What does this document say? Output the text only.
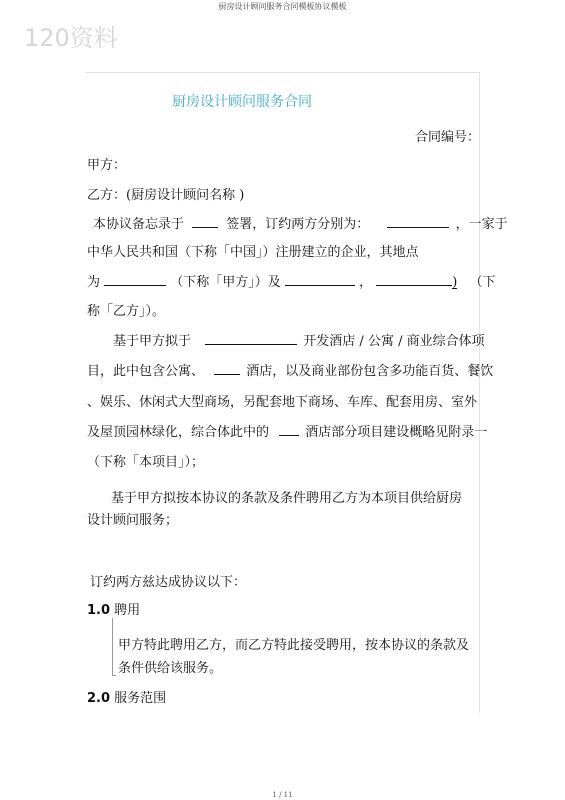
厨房设计顾问服务合同模板协议模板
120资料
厨房设计顾问服务合同
合同编号：
甲方：
乙方：(厨房设计顾问名称 )
本协议备忘录于	签署，订约两方分别为：	，一家于
中华人民共和国（下称「中国」）注册建立的企业，其地点
为	（下称「甲方」）及	，	) （下
称「乙方」）。
基于甲方拟于	开发酒店 / 公寓 / 商业综合体项
目，此中包含公寓、	酒店，以及商业部份包含多功能百货、餐饮
、娱乐、休闲式大型商场，另配套地下商场、车库、配套用房、室外
及屋顶园林绿化，综合体此中的	酒店部分项目建设概略见附录一
（下称「本项目」）；
基于甲方拟按本协议的条款及条件聘用乙方为本项目供给厨房
设计顾问服务；
订约两方兹达成协议以下：
1.0 聘用
甲方特此聘用乙方，而乙方特此接受聘用，按本协议的条款及
条件供给该服务。
2.0 服务范围
1 / 11
